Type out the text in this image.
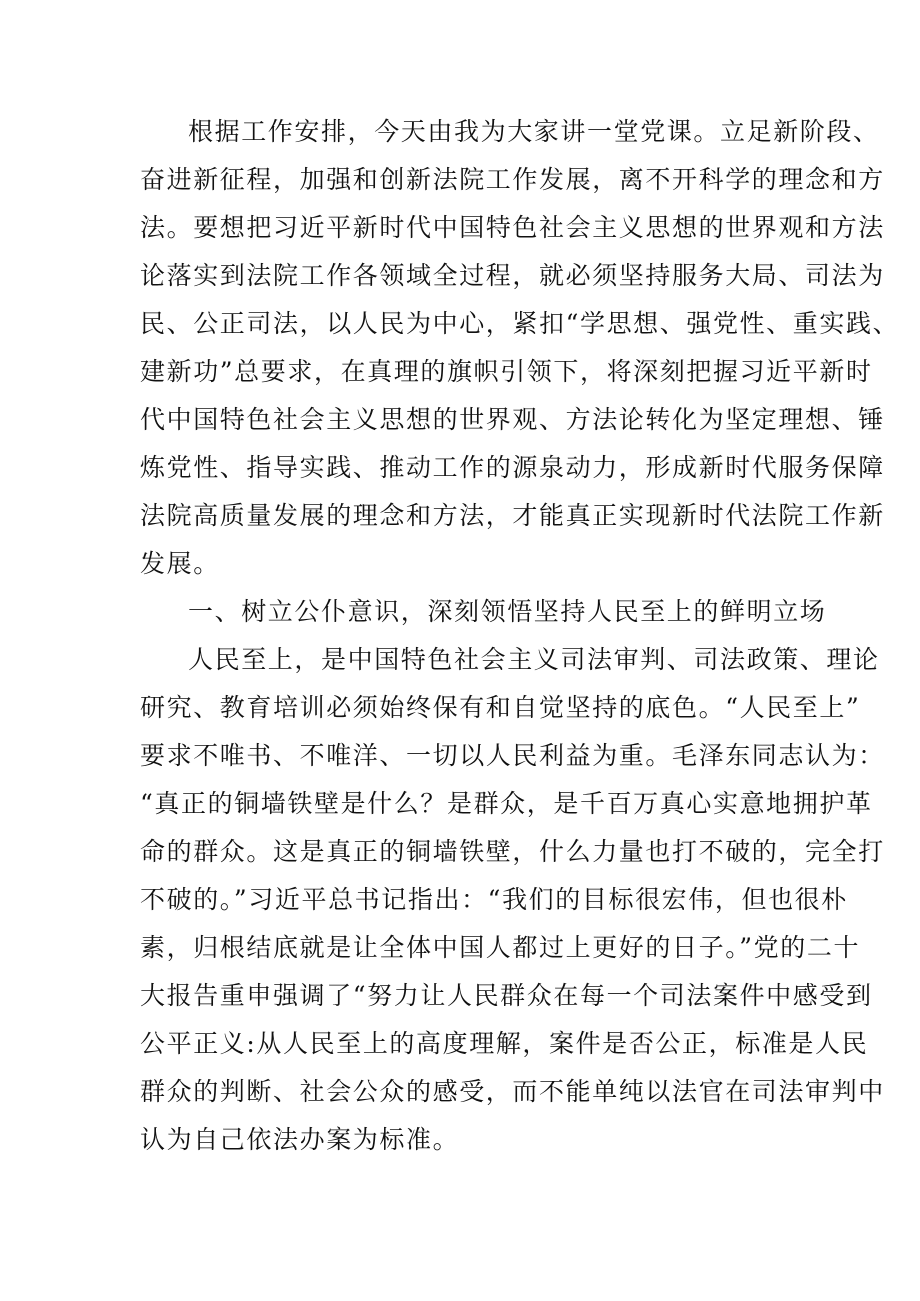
根据工作安排，今天由我为大家讲一堂党课。立足新阶段、
奋进新征程，加强和创新法院工作发展，离不开科学的理念和方
法。要想把习近平新时代中国特色社会主义思想的世界观和方法
论落实到法院工作各领域全过程，就必须坚持服务大局、司法为
民、公正司法，以人民为中心，紧扣“学思想、强党性、重实践、
建新功”总要求，在真理的旗帜引领下，将深刻把握习近平新时
代中国特色社会主义思想的世界观、方法论转化为坚定理想、锤
炼党性、指导实践、推动工作的源泉动力，形成新时代服务保障
法院高质量发展的理念和方法，才能真正实现新时代法院工作新
发展。
一、树立公仆意识，深刻领悟坚持人民至上的鲜明立场
人民至上，是中国特色社会主义司法审判、司法政策、理论
研究、教育培训必须始终保有和自觉坚持的底色。“人民至上”
要求不唯书、不唯洋、一切以人民利益为重。毛泽东同志认为：
“真正的铜墙铁壁是什么？是群众，是千百万真心实意地拥护革
命的群众。这是真正的铜墙铁壁，什么力量也打不破的，完全打
不破的。”习近平总书记指出：“我们的目标很宏伟，但也很朴
素，归根结底就是让全体中国人都过上更好的日子。”党的二十
大报告重申强调了“努力让人民群众在每一个司法案件中感受到
公平正义:从人民至上的高度理解，案件是否公正，标准是人民
群众的判断、社会公众的感受，而不能单纯以法官在司法审判中
认为自己依法办案为标准。
